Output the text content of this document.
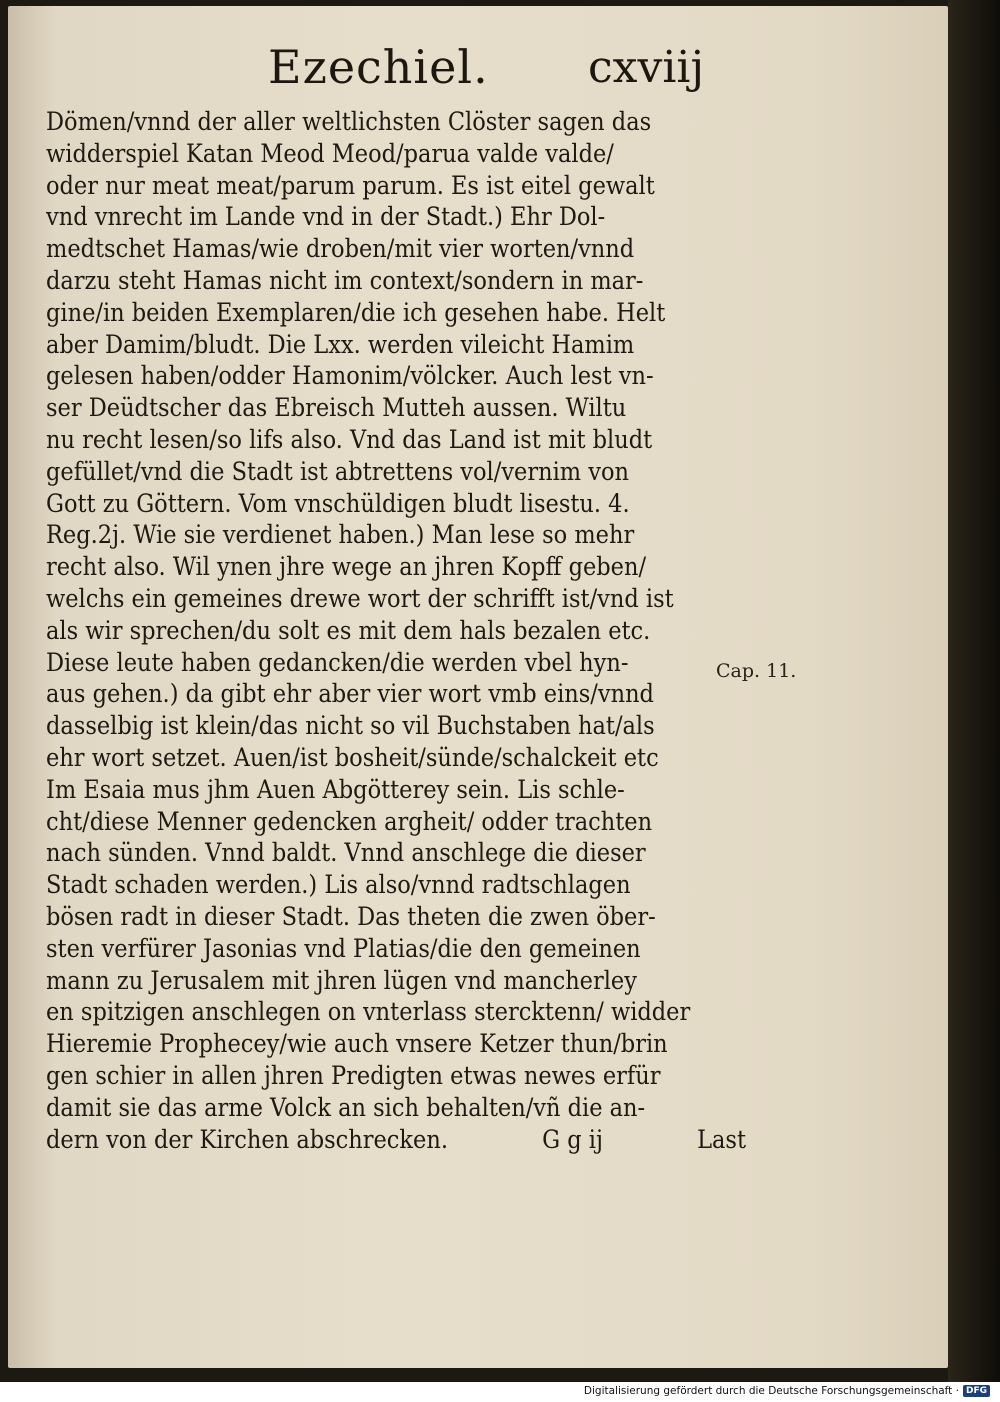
Ezechiel. cxviij
Dömen/vnnd der aller weltlichsten Clöster sagen das
widderspiel Katan Meod Meod/parua valde valde/
oder nur meat meat/parum parum. Es ist eitel gewalt
vnd vnrecht im Lande vnd in der Stadt.) Ehr Dol‑
medtschet Hamas/wie droben/mit vier worten/vnnd
darzu steht Hamas nicht im context/sondern in mar‑
gine/in beiden Exemplaren/die ich gesehen habe. Helt
aber Damim/bludt. Die Lxx. werden vileicht Hamim
gelesen haben/odder Hamonim/völcker. Auch lest vn‑
ser Deüdtscher das Ebreisch Mutteh aussen. Wiltu
nu recht lesen/so lifs also. Vnd das Land ist mit bludt
gefüllet/vnd die Stadt ist abtrettens vol/vernim von
Gott zu Göttern. Vom vnschüldigen bludt lisestu. 4.
Reg.2j. Wie sie verdienet haben.) Man lese so mehr
recht also. Wil ynen jhre wege an jhren Kopff geben/
welchs ein gemeines drewe wort der schrifft ist/vnd ist
als wir sprechen/du solt es mit dem hals bezalen etc.
Diese leute haben gedancken/die werden vbel hyn‑
aus gehen.) da gibt ehr aber vier wort vmb eins/vnnd
dasselbig ist klein/das nicht so vil Buchstaben hat/als
ehr wort setzet. Auen/ist bosheit/sünde/schalckeit etc
Im Esaia mus jhm Auen Abgötterey sein. Lis schle‑
cht/diese Menner gedencken argheit/ odder trachten
nach sünden. Vnnd baldt. Vnnd anschlege die dieser
Stadt schaden werden.) Lis also/vnnd radtschlagen
bösen radt in dieser Stadt. Das theten die zwen öber‑
sten verfürer Jasonias vnd Platias/die den gemeinen
mann zu Jerusalem mit jhren lügen vnd mancherley
en spitzigen anschlegen on vnterlass stercktenn/ widder
Hieremie Prophecey/wie auch vnsere Ketzer thun/brin
gen schier in allen jhren Predigten etwas newes erfür
damit sie das arme Volck an sich behalten/vñ die an‑
dern von der Kirchen abschrecken.	G g ij	Last
Cap. 11.
Digitalisierung gefördert durch die Deutsche Forschungsgemeinschaft · DFG
